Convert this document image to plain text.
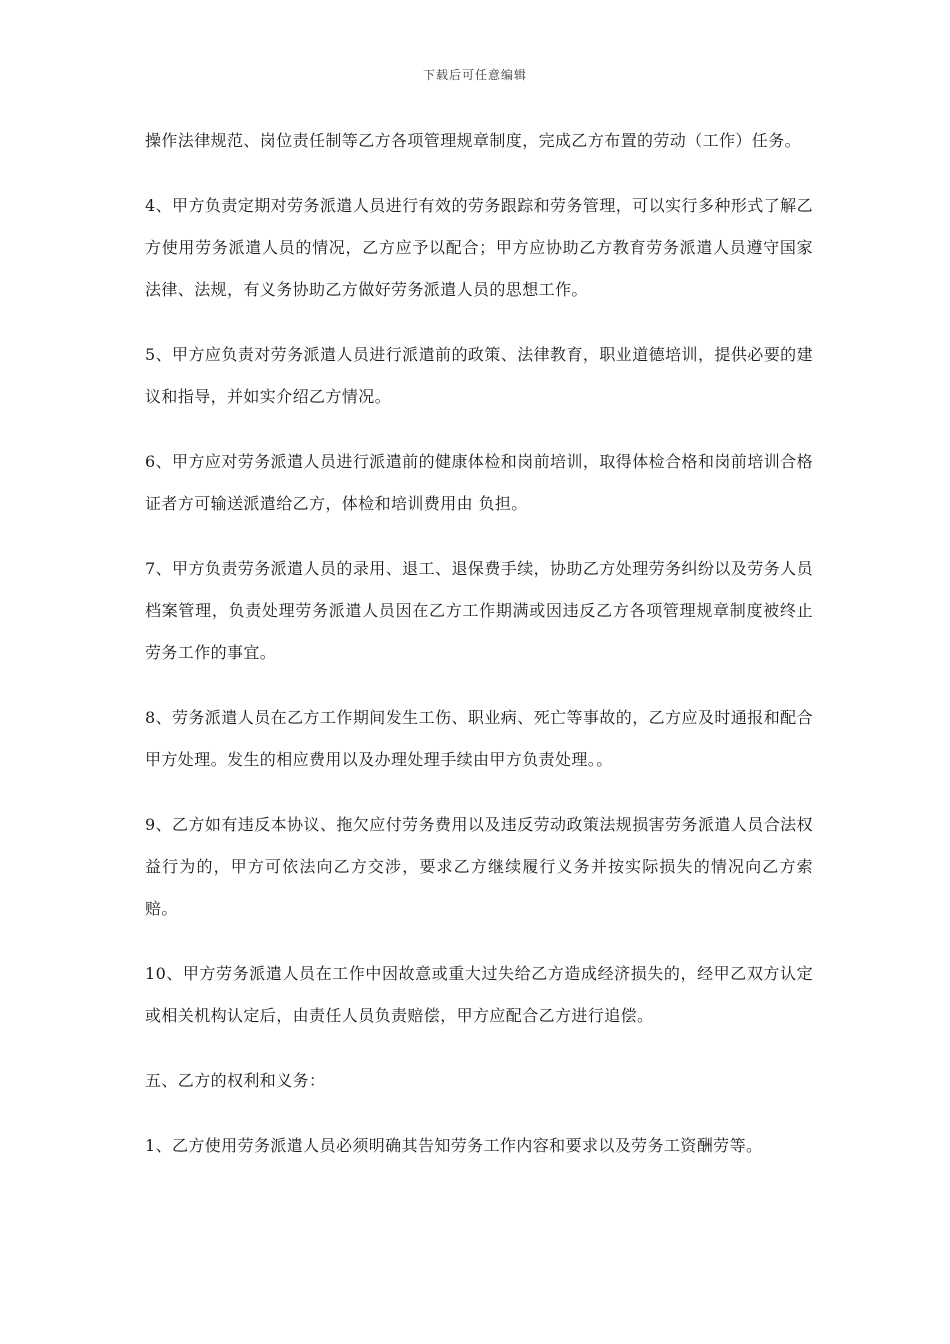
下载后可任意编辑

操作法律规范、岗位责任制等乙方各项管理规章制度，完成乙方布置的劳动（工作）任务。

4、甲方负责定期对劳务派遣人员进行有效的劳务跟踪和劳务管理，可以实行多种形式了解乙方使用劳务派遣人员的情况，乙方应予以配合；甲方应协助乙方教育劳务派遣人员遵守国家法律、法规，有义务协助乙方做好劳务派遣人员的思想工作。

5、甲方应负责对劳务派遣人员进行派遣前的政策、法律教育，职业道德培训，提供必要的建议和指导，并如实介绍乙方情况。

6、甲方应对劳务派遣人员进行派遣前的健康体检和岗前培训，取得体检合格和岗前培训合格证者方可输送派遣给乙方，体检和培训费用由 负担。

7、甲方负责劳务派遣人员的录用、退工、退保费手续，协助乙方处理劳务纠纷以及劳务人员档案管理，负责处理劳务派遣人员因在乙方工作期满或因违反乙方各项管理规章制度被终止劳务工作的事宜。

8、劳务派遣人员在乙方工作期间发生工伤、职业病、死亡等事故的，乙方应及时通报和配合甲方处理。发生的相应费用以及办理处理手续由甲方负责处理。。

9、乙方如有违反本协议、拖欠应付劳务费用以及违反劳动政策法规损害劳务派遣人员合法权益行为的，甲方可依法向乙方交涉，要求乙方继续履行义务并按实际损失的情况向乙方索赔。

10、甲方劳务派遣人员在工作中因故意或重大过失给乙方造成经济损失的，经甲乙双方认定或相关机构认定后，由责任人员负责赔偿，甲方应配合乙方进行追偿。

五、乙方的权利和义务：

1、乙方使用劳务派遣人员必须明确其告知劳务工作内容和要求以及劳务工资酬劳等。
